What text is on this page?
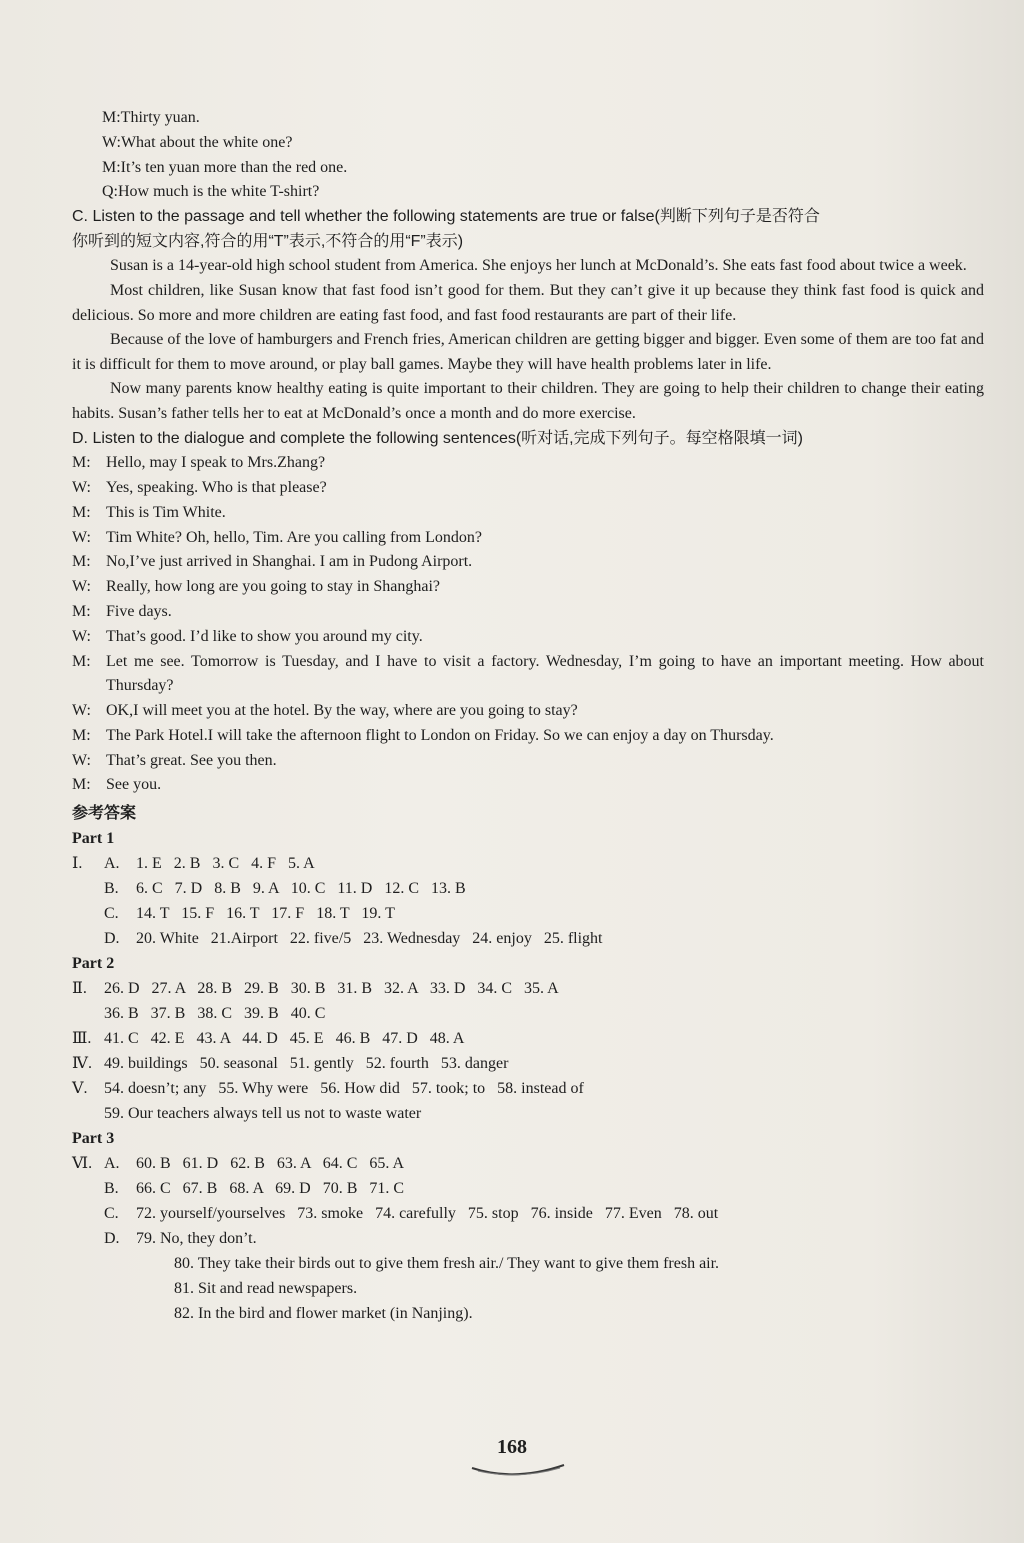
M:Thirty yuan.
W:What about the white one?
M:It’s ten yuan more than the red one.
Q:How much is the white T-shirt?
C. Listen to the passage and tell whether the following statements are true or false(判断下列句子是否符合
你听到的短文内容,符合的用“T”表示,不符合的用“F”表示)

Susan is a 14-year-old high school student from America. She enjoys her lunch at McDonald’s. She eats fast food about twice a week.

Most children, like Susan know that fast food isn’t good for them. But they can’t give it up because they think fast food is quick and delicious. So more and more children are eating fast food, and fast food restaurants are part of their life.

Because of the love of hamburgers and French fries, American children are getting bigger and bigger. Even some of them are too fat and it is difficult for them to move around, or play ball games. Maybe they will have health problems later in life.

Now many parents know healthy eating is quite important to their children. They are going to help their children to change their eating habits. Susan’s father tells her to eat at McDonald’s once a month and do more exercise.

D. Listen to the dialogue and complete the following sentences(听对话,完成下列句子。每空格限填一词)
M: Hello, may I speak to Mrs.Zhang?
W: Yes, speaking. Who is that please?
M: This is Tim White.
W: Tim White? Oh, hello, Tim. Are you calling from London?
M: No,I’ve just arrived in Shanghai. I am in Pudong Airport.
W: Really, how long are you going to stay in Shanghai?
M: Five days.
W: That’s good. I’d like to show you around my city.
M: Let me see. Tomorrow is Tuesday, and I have to visit a factory. Wednesday, I’m going to have an important meeting. How about Thursday?
W: OK,I will meet you at the hotel. By the way, where are you going to stay?
M: The Park Hotel.I will take the afternoon flight to London on Friday. So we can enjoy a day on Thursday.
W: That’s great. See you then.
M: See you.
参考答案
Part 1
Ⅰ. A. 1. E   2. B   3. C   4. F   5. A
B. 6. C   7. D   8. B   9. A   10. C   11. D   12. C   13. B
C. 14. T   15. F   16. T   17. F   18. T   19. T
D. 20. White   21.Airport   22. five/5   23. Wednesday   24. enjoy   25. flight
Part 2
Ⅱ. 26. D   27. A   28. B   29. B   30. B   31. B   32. A   33. D   34. C   35. A
36. B   37. B   38. C   39. B   40. C
Ⅲ. 41. C   42. E   43. A   44. D   45. E   46. B   47. D   48. A
Ⅳ. 49. buildings   50. seasonal   51. gently   52. fourth   53. danger
Ⅴ. 54. doesn’t; any   55. Why were   56. How did   57. took; to   58. instead of
59. Our teachers always tell us not to waste water
Part 3
Ⅵ. A. 60. B   61. D   62. B   63. A   64. C   65. A
B. 66. C   67. B   68. A   69. D   70. B   71. C
C. 72. yourself/yourselves   73. smoke   74. carefully   75. stop   76. inside   77. Even   78. out
D. 79. No, they don’t.
80. They take their birds out to give them fresh air./ They want to give them fresh air.
81. Sit and read newspapers.
82. In the bird and flower market (in Nanjing).
168
